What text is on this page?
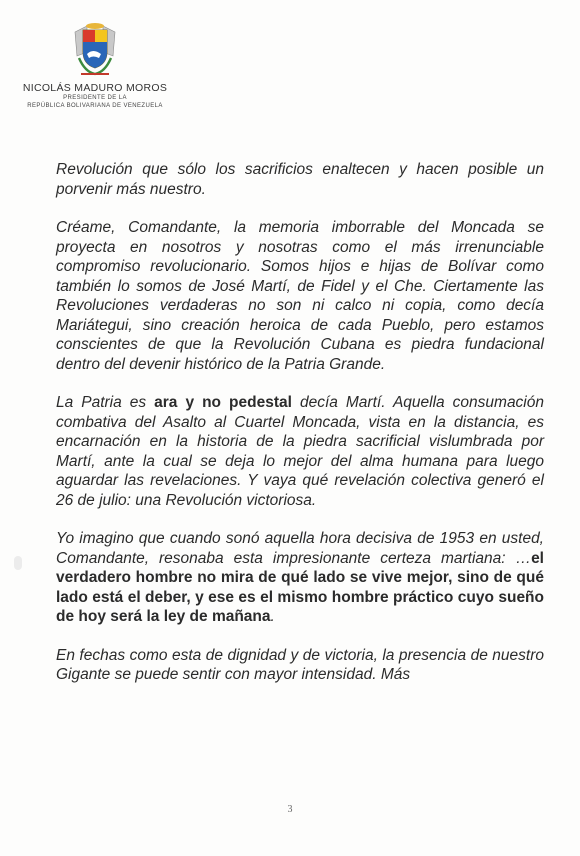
NICOLÁS MADURO MOROS
PRESIDENTE DE LA
REPÚBLICA BOLIVARIANA DE VENEZUELA

Revolución que sólo los sacrificios enaltecen y hacen posible un porvenir más nuestro.

Créame, Comandante, la memoria imborrable del Moncada se proyecta en nosotros y nosotras como el más irrenunciable compromiso revolucionario. Somos hijos e hijas de Bolívar como también lo somos de José Martí, de Fidel y el Che. Ciertamente las Revoluciones verdaderas no son ni calco ni copia, como decía Mariátegui, sino creación heroica de cada Pueblo, pero estamos conscientes de que la Revolución Cubana es piedra fundacional dentro del devenir histórico de la Patria Grande.

La Patria es ara y no pedestal decía Martí. Aquella consumación combativa del Asalto al Cuartel Moncada, vista en la distancia, es encarnación en la historia de la piedra sacrificial vislumbrada por Martí, ante la cual se deja lo mejor del alma humana para luego aguardar las revelaciones. Y vaya qué revelación colectiva generó el 26 de julio: una Revolución victoriosa.

Yo imagino que cuando sonó aquella hora decisiva de 1953 en usted, Comandante, resonaba esta impresionante certeza martiana: …el verdadero hombre no mira de qué lado se vive mejor, sino de qué lado está el deber, y ese es el mismo hombre práctico cuyo sueño de hoy será la ley de mañana.

En fechas como esta de dignidad y de victoria, la presencia de nuestro Gigante se puede sentir con mayor intensidad. Más

3
